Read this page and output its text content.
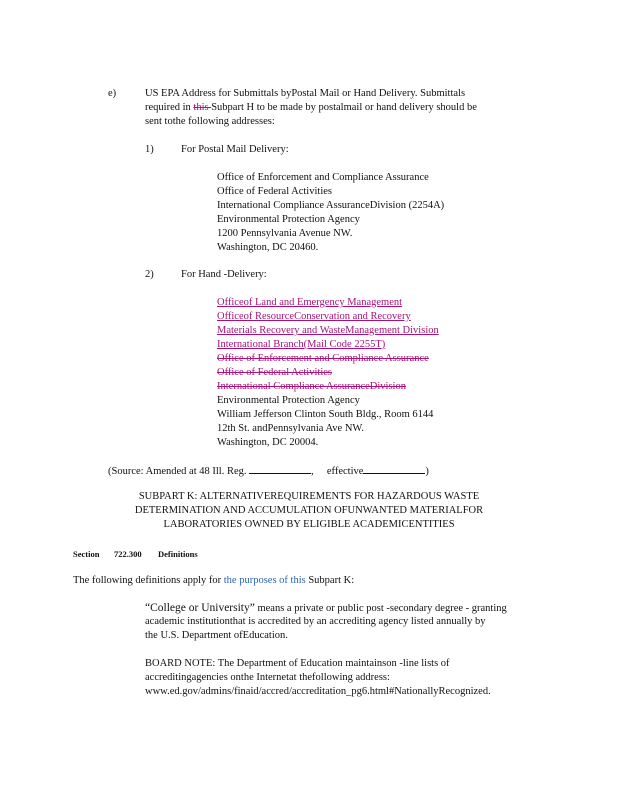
e)	US EPA Address for Submittals byPostal Mail or Hand Delivery. Submittals
required in this Subpart H to be made by postalmail or hand delivery should be
sent tothe following addresses:
1)	For Postal Mail Delivery:
Office of Enforcement and Compliance Assurance
Office of Federal Activities
International Compliance AssuranceDivision (2254A)
Environmental Protection Agency
1200 Pennsylvania Avenue NW.
Washington, DC 20460.
2)	For Hand -Delivery:
Officeof Land and Emergency Management
Officeof ResourceConservation and Recovery
Materials Recovery and WasteManagement Division
International Branch(Mail Code 2255T)
Office of Enforcement and Compliance Assurance
Office of Federal Activities
International Compliance AssuranceDivision
Environmental Protection Agency
William Jefferson Clinton South Bldg., Room 6144
12th St. andPennsylvania Ave NW.
Washington, DC 20004.
(Source: Amended at 48 Ill. Reg.	, effective	)
SUBPART K: ALTERNATIVEREQUIREMENTS FOR HAZARDOUS WASTE
DETERMINATION AND ACCUMULATION OFUNWANTED MATERIALFOR
LABORATORIES OWNED BY ELIGIBLE ACADEMICENTITIES
Section 722.300 Definitions
The following definitions apply for the purposes of this Subpart K:
“College or University” means a private or public post -secondary degree - granting
academic institutionthat is accredited by an accrediting agency listed annually by
the U.S. Department ofEducation.
BOARD NOTE: The Department of Education maintainson -line lists of
accreditingagencies onthe Internetat thefollowing address:
www.ed.gov/admins/finaid/accred/accreditation_pg6.html#NationallyRecognized.
